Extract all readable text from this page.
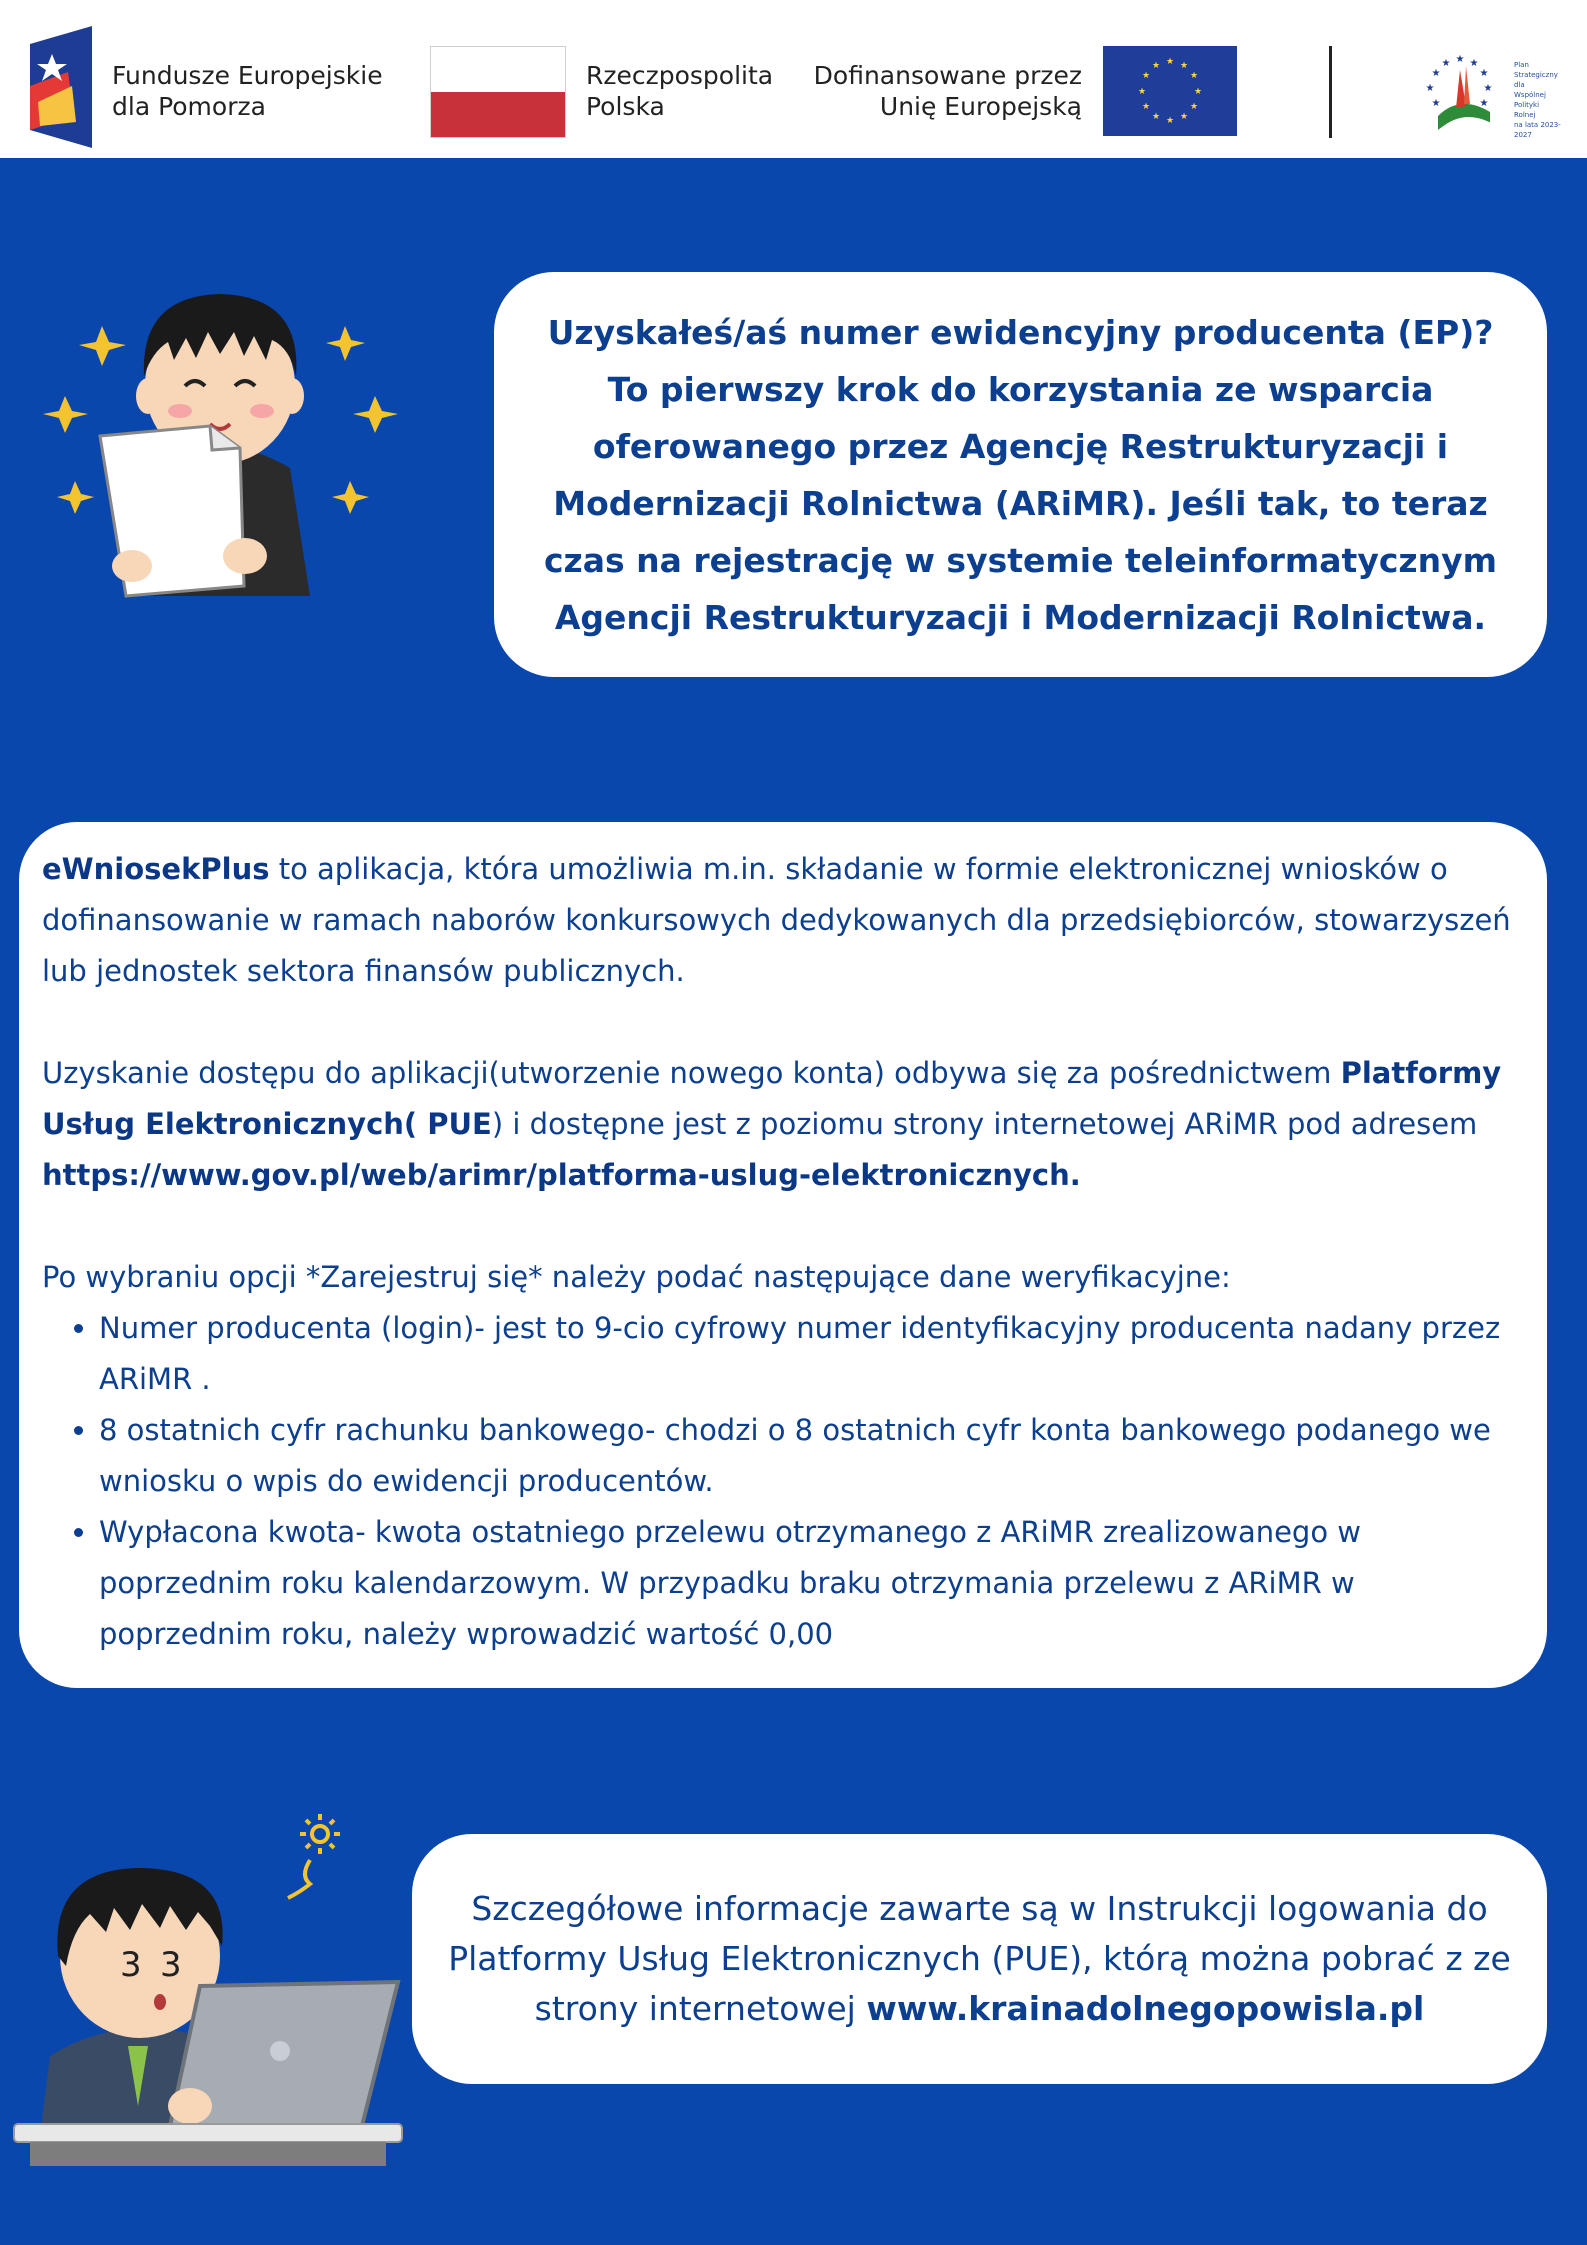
Fundusze Europejskie
dla Pomorza
Rzeczpospolita
Polska
Dofinansowane przez
Unię Europejską
★ ★
★
★
★
★
★
★
★
★
★
★
★ ★
★
★
★
★
★
★
★	Plan
Strategiczny dla
Wspólnej
Polityki
Rolnej
na lata 2023-2027

Uzyskałeś/aś numer ewidencyjny producenta (EP)? To pierwszy krok do korzystania ze wsparcia oferowanego przez Agencję Restrukturyzacji i Modernizacji Rolnictwa (ARiMR). Jeśli tak, to teraz czas na rejestrację w systemie teleinformatycznym Agencji Restrukturyzacji i Modernizacji Rolnictwa.

eWniosekPlus to aplikacja, która umożliwia m.in. składanie w formie elektronicznej wniosków o dofinansowanie w ramach naborów konkursowych dedykowanych dla przedsiębiorców, stowarzyszeń lub jednostek sektora finansów publicznych.

Uzyskanie dostępu do aplikacji(utworzenie nowego konta) odbywa się za pośrednictwem Platformy Usług Elektronicznych( PUE) i dostępne jest z poziomu strony internetowej ARiMR pod adresem https://www.gov.pl/web/arimr/platforma-uslug-elektronicznych.

Po wybraniu opcji *Zarejestruj się* należy podać następujące dane weryfikacyjne:

• Numer producenta (login)- jest to 9-cio cyfrowy numer identyfikacyjny producenta nadany przez ARiMR .
• 8 ostatnich cyfr rachunku bankowego- chodzi o 8 ostatnich cyfr konta bankowego podanego we wniosku o wpis do ewidencji producentów.
• Wypłacona kwota- kwota ostatniego przelewu otrzymanego z ARiMR zrealizowanego w poprzednim roku kalendarzowym. W przypadku braku otrzymania przelewu z ARiMR w poprzednim roku, należy wprowadzić wartość 0,00
3 3

Szczegółowe informacje zawarte są w Instrukcji logowania do Platformy Usług Elektronicznych (PUE), którą można pobrać z ze strony internetowej www.krainadolnegopowisla.pl
